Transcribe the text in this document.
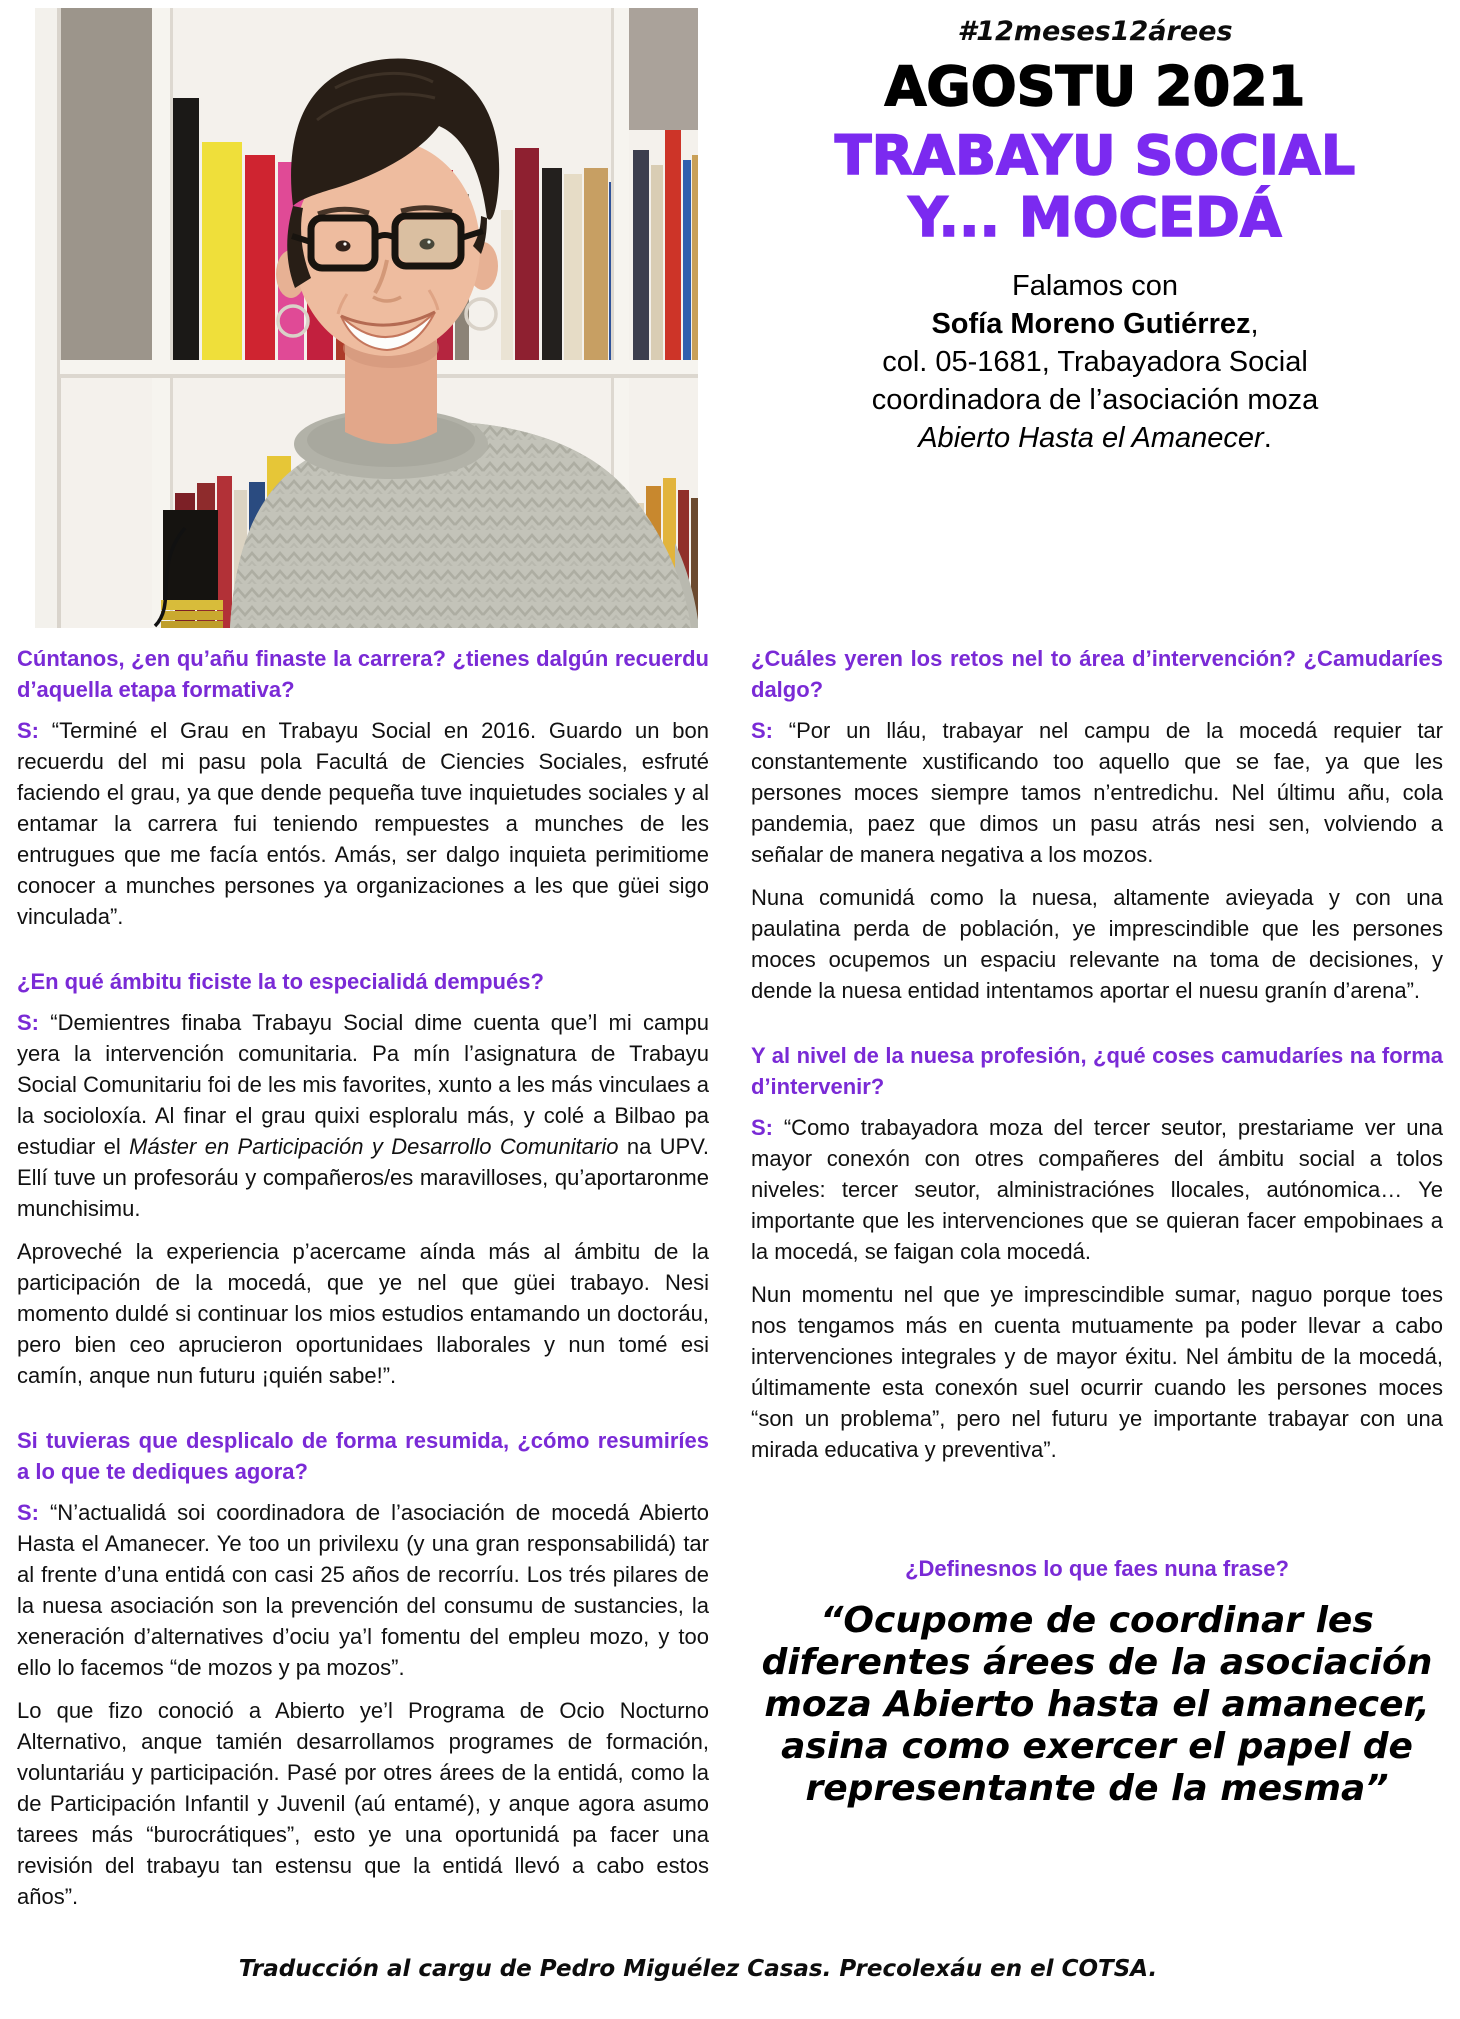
#12meses12árees
AGOSTU 2021
TRABAYU SOCIAL
Y... MOCEDÁ
Falamos con
Sofía Moreno Gutiérrez,
col. 05-1681, Trabayadora Social
coordinadora de l’asociación moza
Abierto Hasta el Amanecer.
Cúntanos, ¿en qu’añu finaste la carrera? ¿tienes dalgún recuerdu d’aquella etapa formativa?

S: “Terminé el Grau en Trabayu Social en 2016. Guardo un bon recuerdu del mi pasu pola Facultá de Ciencies Sociales, esfruté faciendo el grau, ya que dende pequeña tuve inquietudes sociales y al entamar la carrera fui teniendo rempuestes a munches de les entrugues que me facía entós. Amás, ser dalgo inquieta perimitiome conocer a munches persones ya organizaciones a les que güei sigo vinculada”.

¿En qué ámbitu ficiste la to especialidá dempués?

S: “Demientres finaba Trabayu Social dime cuenta que’l mi campu yera la intervención comunitaria. Pa mín l’asignatura de Trabayu Social Comunitariu foi de les mis favorites, xunto a les más vinculaes a la socioloxía. Al finar el grau quixi esploralu más, y colé a Bilbao pa estudiar el Máster en Participación y Desarrollo Comunitario na UPV. Ellí tuve un profesoráu y compañeros/es maravilloses, qu’aportaronme munchisimu.

Aproveché la experiencia p’acercame aínda más al ámbitu de la participación de la mocedá, que ye nel que güei trabayo. Nesi momento duldé si continuar los mios estudios entamando un doctoráu, pero bien ceo aprucieron oportunidaes llaborales y nun tomé esi camín, anque nun futuru ¡quién sabe!”.

Si tuvieras que desplicalo de forma resumida, ¿cómo resumiríes a lo que te dediques agora?

S: “N’actualidá soi coordinadora de l’asociación de mocedá Abierto Hasta el Amanecer. Ye too un privilexu (y una gran responsabilidá) tar al frente d’una entidá con casi 25 años de recorríu. Los trés pilares de la nuesa asociación son la prevención del consumu de sustancies, la xeneración d’alternatives d’ociu ya’l fomentu del empleu mozo, y too ello lo facemos “de mozos y pa mozos”.

Lo que fizo conoció a Abierto ye’l Programa de Ocio Nocturno Alternativo, anque tamién desarrollamos programes de formación, voluntariáu y participación. Pasé por otres árees de la entidá, como la de Participación Infantil y Juvenil (aú entamé), y anque agora asumo tarees más “burocrátiques”, esto ye una oportunidá pa facer una revisión del trabayu tan estensu que la entidá llevó a cabo estos años”.

¿Cuáles yeren los retos nel to área d’intervención? ¿Camudaríes dalgo?

S: “Por un lláu, trabayar nel campu de la mocedá requier tar constantemente xustificando too aquello que se fae, ya que les persones moces siempre tamos n’entredichu. Nel últimu añu, cola pandemia, paez que dimos un pasu atrás nesi sen, volviendo a señalar de manera negativa a los mozos.

Nuna comunidá como la nuesa, altamente avieyada y con una paulatina perda de población, ye imprescindible que les persones moces ocupemos un espaciu relevante na toma de decisiones, y dende la nuesa entidad intentamos aportar el nuesu granín d’arena”.

Y al nivel de la nuesa profesión, ¿qué coses camudaríes na forma d’intervenir?

S: “Como trabayadora moza del tercer seutor, prestariame ver una mayor conexón con otres compañeres del ámbitu social a tolos niveles: tercer seutor, alministraciónes llocales, autónomica… Ye importante que les intervenciones que se quieran facer empobinaes a la mocedá, se faigan cola mocedá.

Nun momentu nel que ye imprescindible sumar, naguo porque toes nos tengamos más en cuenta mutuamente pa poder llevar a cabo intervenciones integrales y de mayor éxitu. Nel ámbitu de la mocedá, últimamente esta conexón suel ocurrir cuando les persones moces “son un problema”, pero nel futuru ye importante trabayar con una mirada educativa y preventiva”.

¿Definesnos lo que faes nuna frase?

“Ocupome de coordinar les diferentes árees de la asociación moza Abierto hasta el amanecer, asina como exercer el papel de representante de la mesma”

Traducción al cargu de Pedro Miguélez Casas. Precolexáu en el COTSA.
